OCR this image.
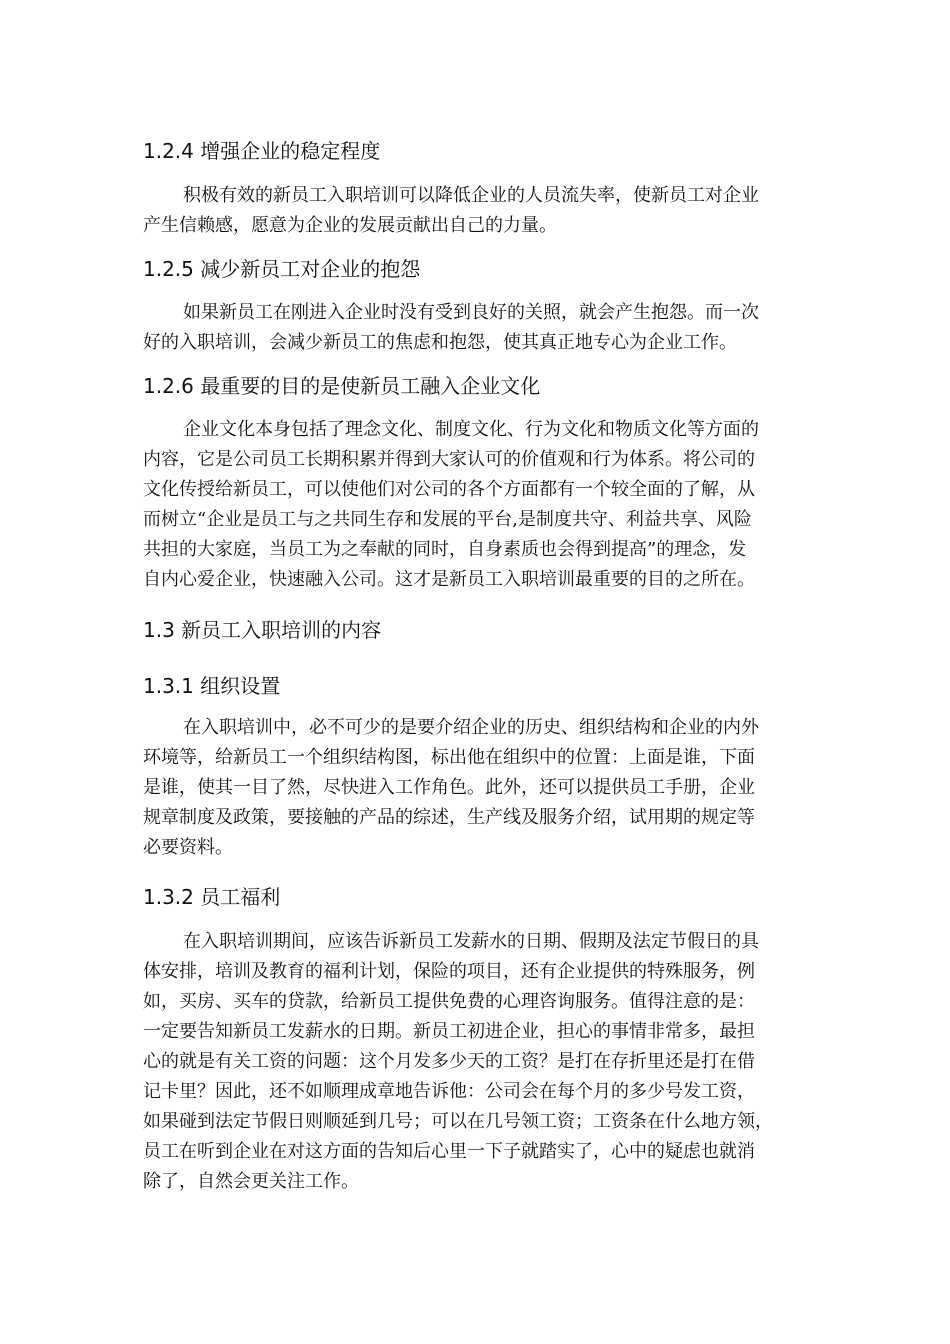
1.2.4 增强企业的稳定程度
积极有效的新员工入职培训可以降低企业的人员流失率，使新员工对企业
产生信赖感，愿意为企业的发展贡献出自己的力量。
1.2.5 减少新员工对企业的抱怨
如果新员工在刚进入企业时没有受到良好的关照，就会产生抱怨。而一次
好的入职培训，会减少新员工的焦虑和抱怨，使其真正地专心为企业工作。
1.2.6 最重要的目的是使新员工融入企业文化
企业文化本身包括了理念文化、制度文化、行为文化和物质文化等方面的
内容，它是公司员工长期积累并得到大家认可的价值观和行为体系。将公司的
文化传授给新员工，可以使他们对公司的各个方面都有一个较全面的了解，从
而树立“企业是员工与之共同生存和发展的平台,是制度共守、利益共享、风险
共担的大家庭，当员工为之奉献的同时，自身素质也会得到提高”的理念，发
自内心爱企业，快速融入公司。这才是新员工入职培训最重要的目的之所在。
1.3 新员工入职培训的内容
1.3.1 组织设置
在入职培训中，必不可少的是要介绍企业的历史、组织结构和企业的内外
环境等，给新员工一个组织结构图，标出他在组织中的位置：上面是谁，下面
是谁，使其一目了然，尽快进入工作角色。此外，还可以提供员工手册，企业
规章制度及政策，要接触的产品的综述，生产线及服务介绍，试用期的规定等
必要资料。
1.3.2 员工福利
在入职培训期间，应该告诉新员工发薪水的日期、假期及法定节假日的具
体安排，培训及教育的福利计划，保险的项目，还有企业提供的特殊服务，例
如，买房、买车的贷款，给新员工提供免费的心理咨询服务。值得注意的是：
一定要告知新员工发薪水的日期。新员工初进企业，担心的事情非常多，最担
心的就是有关工资的问题：这个月发多少天的工资？是打在存折里还是打在借
记卡里？因此，还不如顺理成章地告诉他：公司会在每个月的多少号发工资，
如果碰到法定节假日则顺延到几号；可以在几号领工资；工资条在什么地方领，
员工在听到企业在对这方面的告知后心里一下子就踏实了，心中的疑虑也就消
除了，自然会更关注工作。
